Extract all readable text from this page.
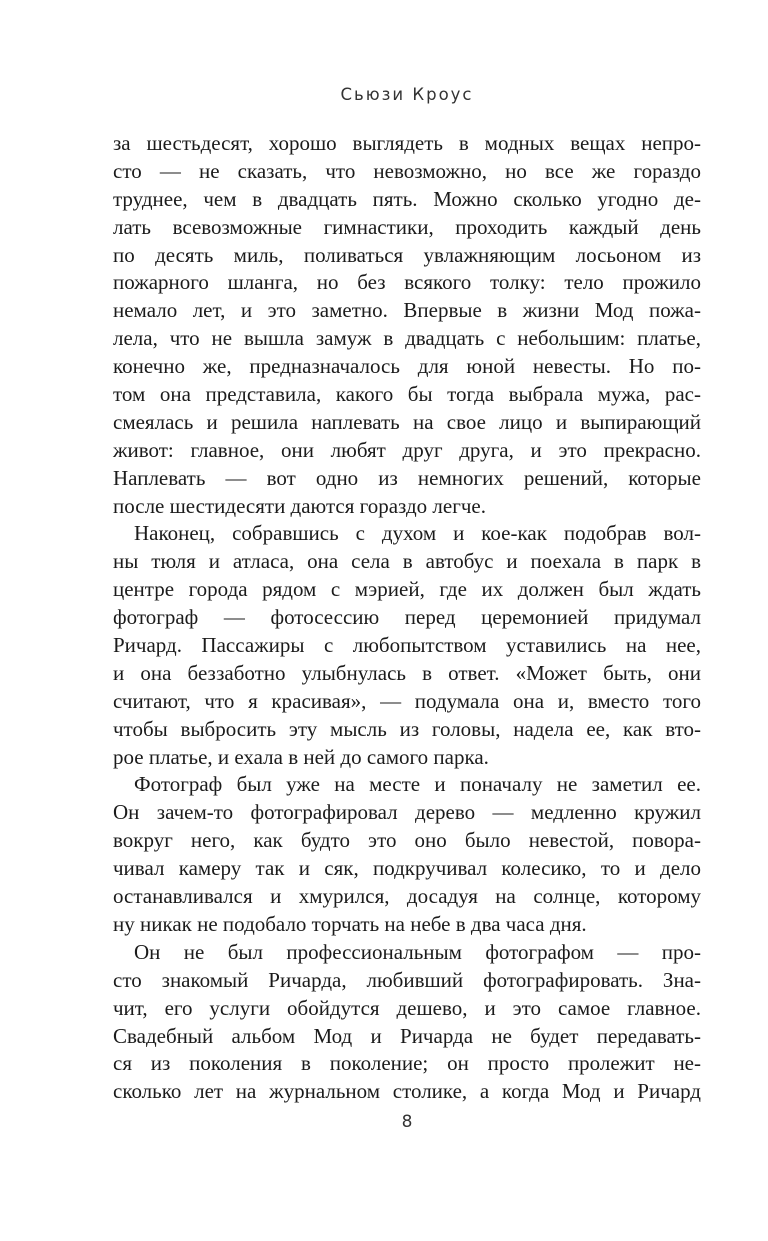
Сьюзи Кроус
за шестьдесят, хорошо выглядеть в модных вещах непро-
сто — не сказать, что невозможно, но все же гораздо
труднее, чем в двадцать пять. Можно сколько угодно де-
лать всевозможные гимнастики, проходить каждый день
по десять миль, поливаться увлажняющим лосьоном из
пожарного шланга, но без всякого толку: тело прожило
немало лет, и это заметно. Впервые в жизни Мод пожа-
лела, что не вышла замуж в двадцать с небольшим: платье,
конечно же, предназначалось для юной невесты. Но по-
том она представила, какого бы тогда выбрала мужа, рас-
смеялась и решила наплевать на свое лицо и выпирающий
живот: главное, они любят друг друга, и это прекрасно.
Наплевать — вот одно из немногих решений, которые
после шестидесяти даются гораздо легче.
Наконец, собравшись с духом и кое-как подобрав вол-
ны тюля и атласа, она села в автобус и поехала в парк в
центре города рядом с мэрией, где их должен был ждать
фотограф — фотосессию перед церемонией придумал
Ричард. Пассажиры с любопытством уставились на нее,
и она беззаботно улыбнулась в ответ. «Может быть, они
считают, что я красивая», — подумала она и, вместо того
чтобы выбросить эту мысль из головы, надела ее, как вто-
рое платье, и ехала в ней до самого парка.
Фотограф был уже на месте и поначалу не заметил ее.
Он зачем-то фотографировал дерево — медленно кружил
вокруг него, как будто это оно было невестой, повора-
чивал камеру так и сяк, подкручивал колесико, то и дело
останавливался и хмурился, досадуя на солнце, которому
ну никак не подобало торчать на небе в два часа дня.
Он не был профессиональным фотографом — про-
сто знакомый Ричарда, любивший фотографировать. Зна-
чит, его услуги обойдутся дешево, и это самое главное.
Свадебный альбом Мод и Ричарда не будет передавать-
ся из поколения в поколение; он просто пролежит не-
сколько лет на журнальном столике, а когда Мод и Ричард
8
